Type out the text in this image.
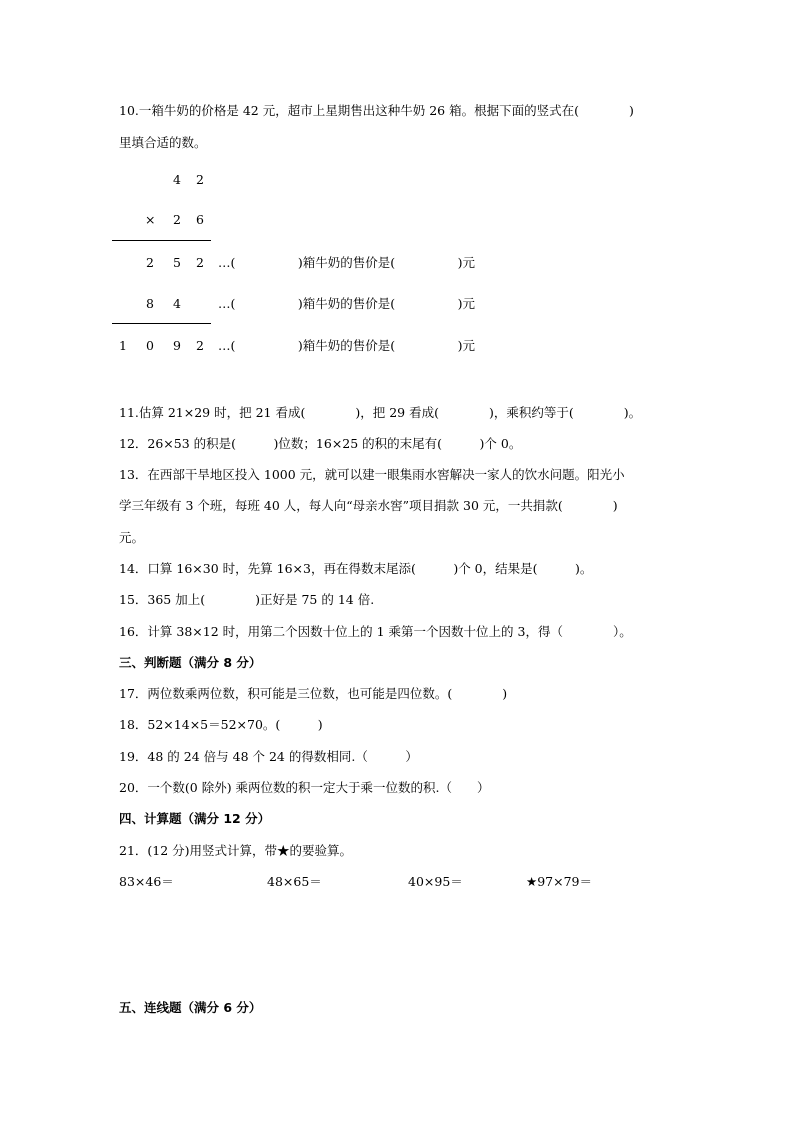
10.一箱牛奶的价格是 42 元，超市上星期售出这种牛奶 26 箱。根据下面的竖式在(　　　　)
里填合适的数。
4 2
× 2 6
2 5 2 …(　　　　　)箱牛奶的售价是(　　　　　)元
8 4	…(　　　　　)箱牛奶的售价是(　　　　　)元
1 0 9 2 …(　　　　　)箱牛奶的售价是(　　　　　)元
11.估算 21×29 时，把 21 看成(　　　　)，把 29 看成(　　　　)，乘积约等于(　　　　)。
12．26×53 的积是(　　　)位数；16×25 的积的末尾有(　　　)个 0。
13．在西部干旱地区投入 1000 元，就可以建一眼集雨水窖解决一家人的饮水问题。阳光小
学三年级有 3 个班，每班 40 人，每人向“母亲水窖”项目捐款 30 元，一共捐款(　　　　)
元。
14．口算 16×30 时，先算 16×3，再在得数末尾添(　　　)个 0，结果是(　　　)。
15．365 加上(　　　　)正好是 75 的 14 倍.
16．计算 38×12 时，用第二个因数十位上的 1 乘第一个因数十位上的 3，得（　　　　）。
三、判断题（满分 8 分）
17．两位数乘两位数，积可能是三位数，也可能是四位数。(　　　　)
18．52×14×5＝52×70。(　　　)
19．48 的 24 倍与 48 个 24 的得数相同.（　　　）
20．一个数(0 除外) 乘两位数的积一定大于乘一位数的积.（　　）
四、计算题（满分 12 分）
21．(12 分)用竖式计算，带★的要验算。
83×46＝	48×65＝	40×95＝	★97×79＝
五、连线题（满分 6 分）
